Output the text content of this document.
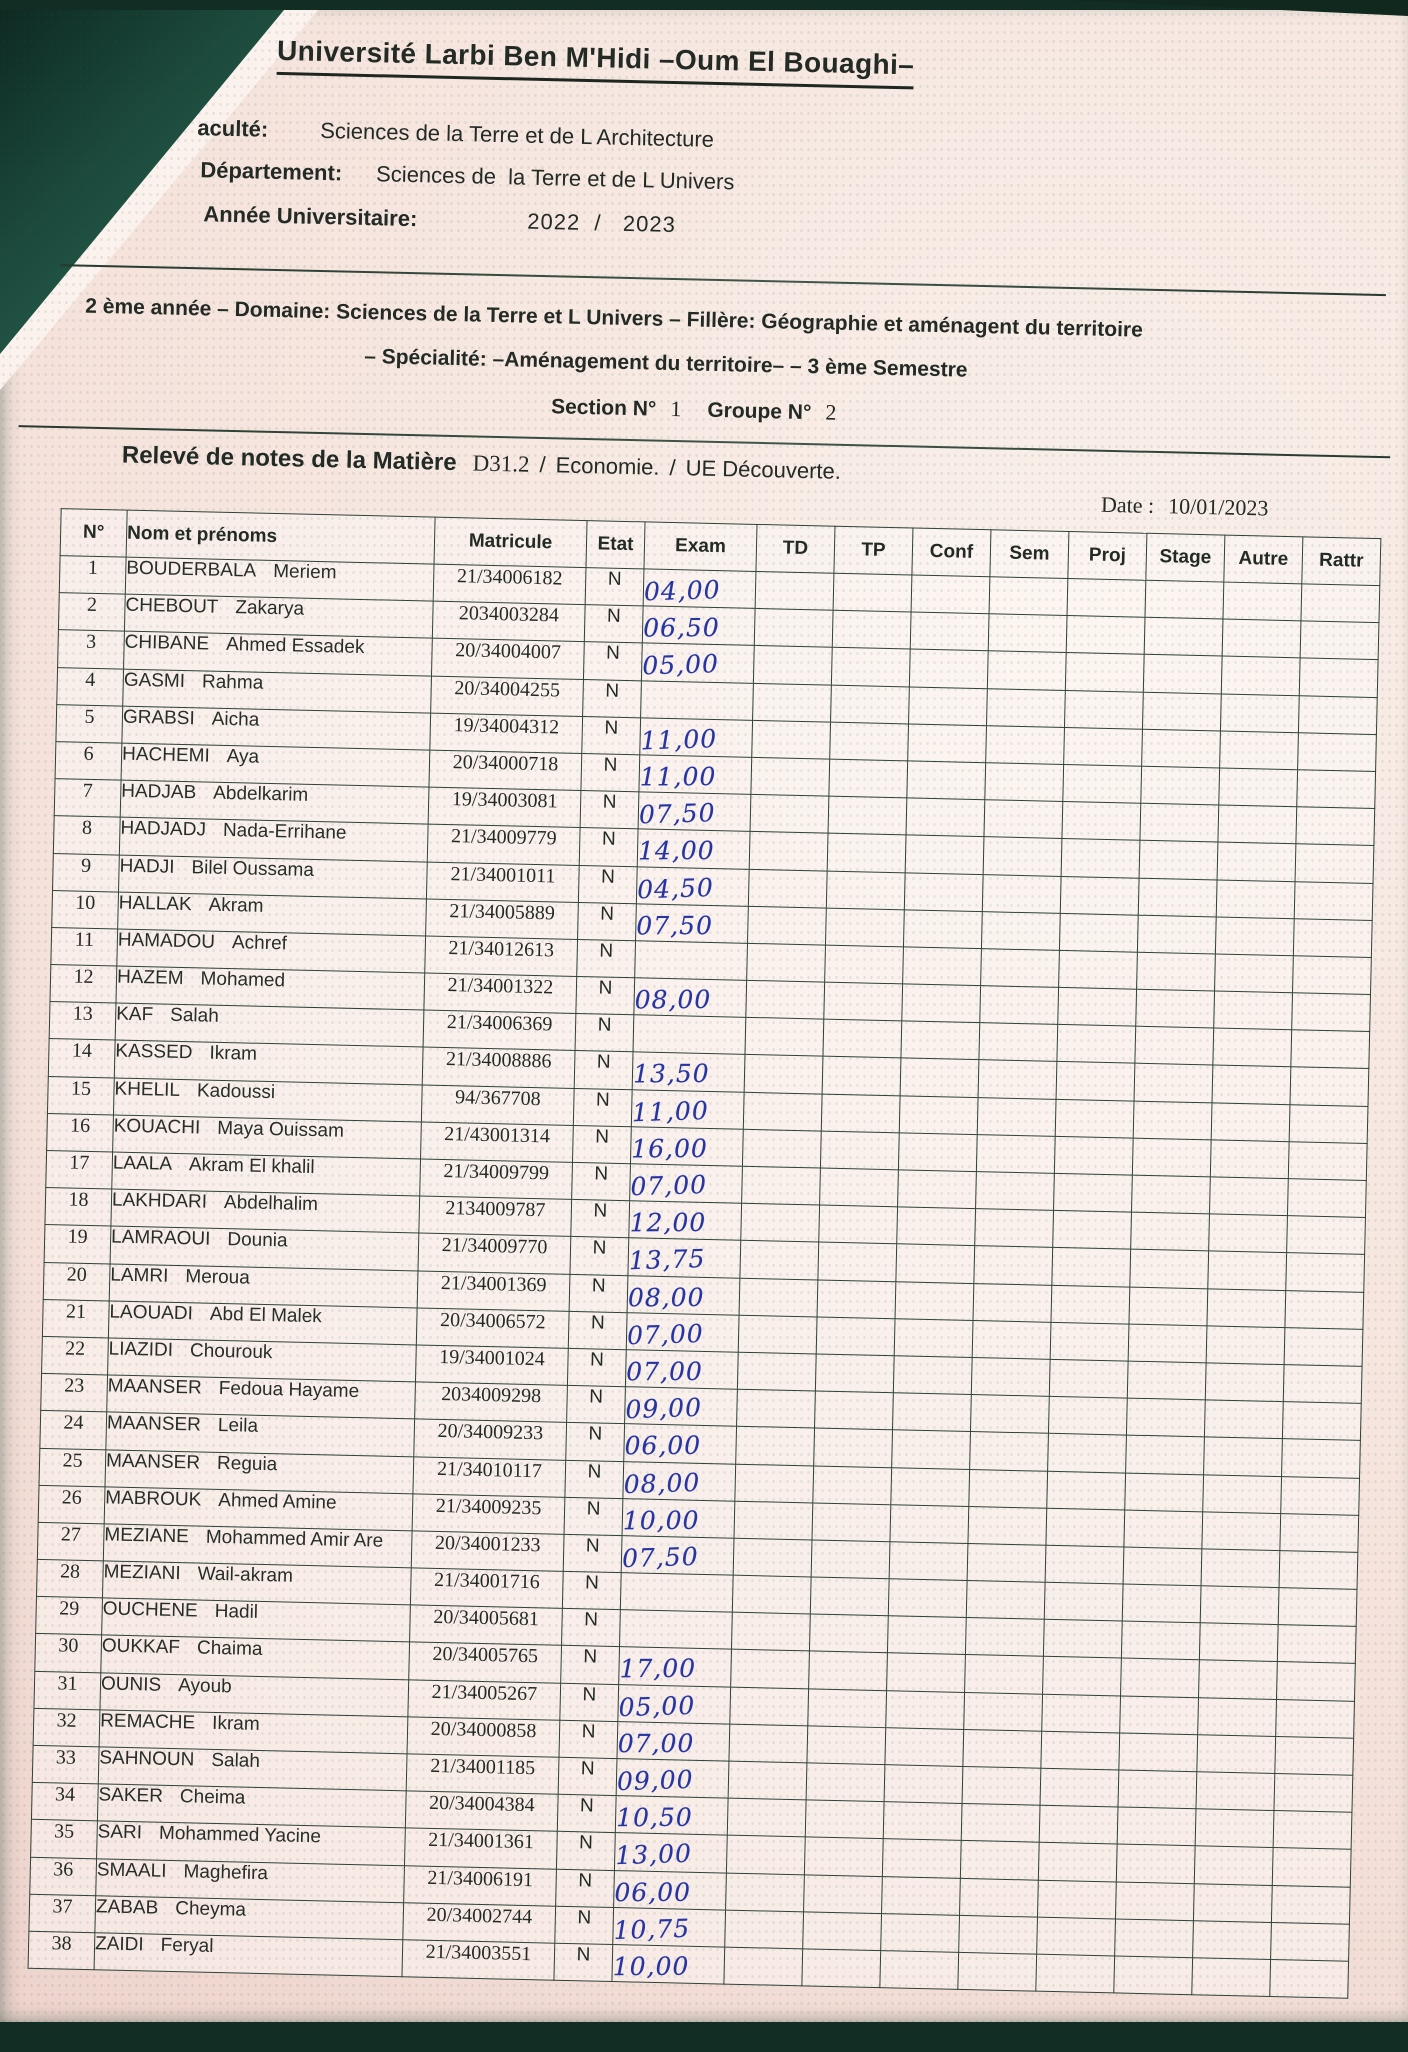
Université Larbi Ben M'Hidi –Oum El Bouaghi–
aculté: Sciences de la Terre et de L Architecture
Département: Sciences de  la Terre et de L Univers
Année Universitaire:	2022 / 2023
2 ème année – Domaine: Sciences de la Terre et L Univers – Fillère: Géographie et aménagent du territoire
– Spécialité: –Aménagement du territoire– – 3 ème Semestre
Section N° 1 Groupe N° 2
Relevé de notes de la Matière D31.2 / Economie. / UE Découverte.
Date : 10/01/2023
N°	Nom et prénoms	Matricule	Etat	Exam	TD	TP	Conf	Sem	Proj	Stage	Autre	Rattr
1	BOUDERBALA Meriem	21/34006182	N	04,00								
2	CHEBOUT Zakarya	2034003284	N	06,50								
3	CHIBANE Ahmed Essadek	20/34004007	N	05,00								
4	GASMI Rahma	20/34004255	N									
5	GRABSI Aicha	19/34004312	N	11,00								
6	HACHEMI Aya	20/34000718	N	11,00								
7	HADJAB Abdelkarim	19/34003081	N	07,50								
8	HADJADJ Nada-Errihane	21/34009779	N	14,00								
9	HADJI Bilel Oussama	21/34001011	N	04,50								
10	HALLAK Akram	21/34005889	N	07,50								
11	HAMADOU Achref	21/34012613	N									
12	HAZEM Mohamed	21/34001322	N	08,00								
13	KAF Salah	21/34006369	N									
14	KASSED Ikram	21/34008886	N	13,50								
15	KHELIL Kadoussi	94/367708	N	11,00								
16	KOUACHI Maya Ouissam	21/43001314	N	16,00								
17	LAALA Akram El khalil	21/34009799	N	07,00								
18	LAKHDARI Abdelhalim	2134009787	N	12,00								
19	LAMRAOUI Dounia	21/34009770	N	13,75								
20	LAMRI Meroua	21/34001369	N	08,00								
21	LAOUADI Abd El Malek	20/34006572	N	07,00								
22	LIAZIDI Chourouk	19/34001024	N	07,00								
23	MAANSER Fedoua Hayame	2034009298	N	09,00								
24	MAANSER Leila	20/34009233	N	06,00								
25	MAANSER Reguia	21/34010117	N	08,00								
26	MABROUK Ahmed Amine	21/34009235	N	10,00								
27	MEZIANE Mohammed Amir Are	20/34001233	N	07,50								
28	MEZIANI Wail-akram	21/34001716	N									
29	OUCHENE Hadil	20/34005681	N									
30	OUKKAF Chaima	20/34005765	N	17,00								
31	OUNIS Ayoub	21/34005267	N	05,00								
32	REMACHE Ikram	20/34000858	N	07,00								
33	SAHNOUN Salah	21/34001185	N	09,00								
34	SAKER Cheima	20/34004384	N	10,50								
35	SARI Mohammed Yacine	21/34001361	N	13,00								
36	SMAALI Maghefira	21/34006191	N	06,00								
37	ZABAB Cheyma	20/34002744	N	10,75								
38	ZAIDI Feryal	21/34003551	N	10,00								
